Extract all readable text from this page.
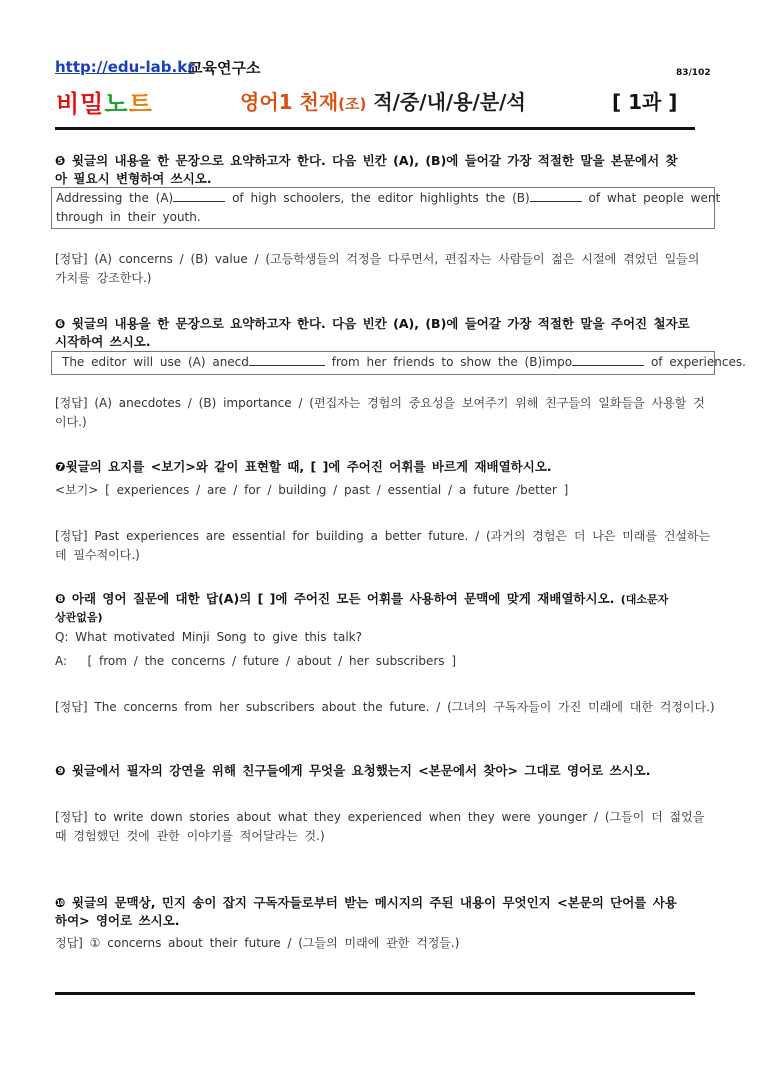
http://edu-lab.kr
교육연구소	83/102
비밀노트	영어1 천재(조) 적/중/내/용/분/석	[ 1과 ]
❺ 윗글의 내용을 한 문장으로 요약하고자 한다. 다음 빈칸 (A), (B)에 들어갈 가장 적절한 말을 본문에서 찾
아 필요시 변형하여 쓰시오.
Addressing the (A)	of high schoolers, the editor highlights the (B)	of what people went
through in their youth.
[정답] (A) concerns / (B) value / (고등학생들의 걱정을 다루면서, 편집자는 사람들이 젊은 시절에 겪었던 일들의 가치를 강조한다.)
❻ 윗글의 내용을 한 문장으로 요약하고자 한다. 다음 빈칸 (A), (B)에 들어갈 가장 적절한 말을 주어진 철자로
시작하여 쓰시오.
The editor will use (A) anecd	from her friends to show the (B)impo	of experiences.
[정답] (A) anecdotes / (B) importance / (편집자는 경험의 중요성을 보여주기 위해 친구들의 일화들을 사용할 것이다.)
❼윗글의 요지를 <보기>와 같이 표현할 때, [ ]에 주어진 어휘를 바르게 재배열하시오.
<보기> [ experiences / are / for / building / past / essential / a future /better ]
[정답] Past experiences are essential for building a better future. / (과거의 경험은 더 나은 미래를 건설하는데 필수적이다.)
❽ 아래 영어 질문에 대한 답(A)의 [ ]에 주어진 모든 어휘를 사용하여 문맥에 맞게 재배열하시오. (대소문자
상관없음)
Q: What motivated Minji Song to give this talk?
A:   [ from / the concerns / future / about / her subscribers ]
[정답] The concerns from her subscribers about the future. / (그녀의 구독자들이 가진 미래에 대한 걱정이다.)
❾ 윗글에서 필자의 강연을 위해 친구들에게 무엇을 요청했는지 <본문에서 찾아> 그대로 영어로 쓰시오.
[정답] to write down stories about what they experienced when they were younger / (그들이 더 젊었을 때 경험했던 것에 관한 이야기를 적어달라는 것.)
❿ 윗글의 문맥상, 민지 송이 잡지 구독자들로부터 받는 메시지의 주된 내용이 무엇인지 <본문의 단어를 사용
하여> 영어로 쓰시오.
정답] ① concerns about their future / (그들의 미래에 관한 걱정들.)
